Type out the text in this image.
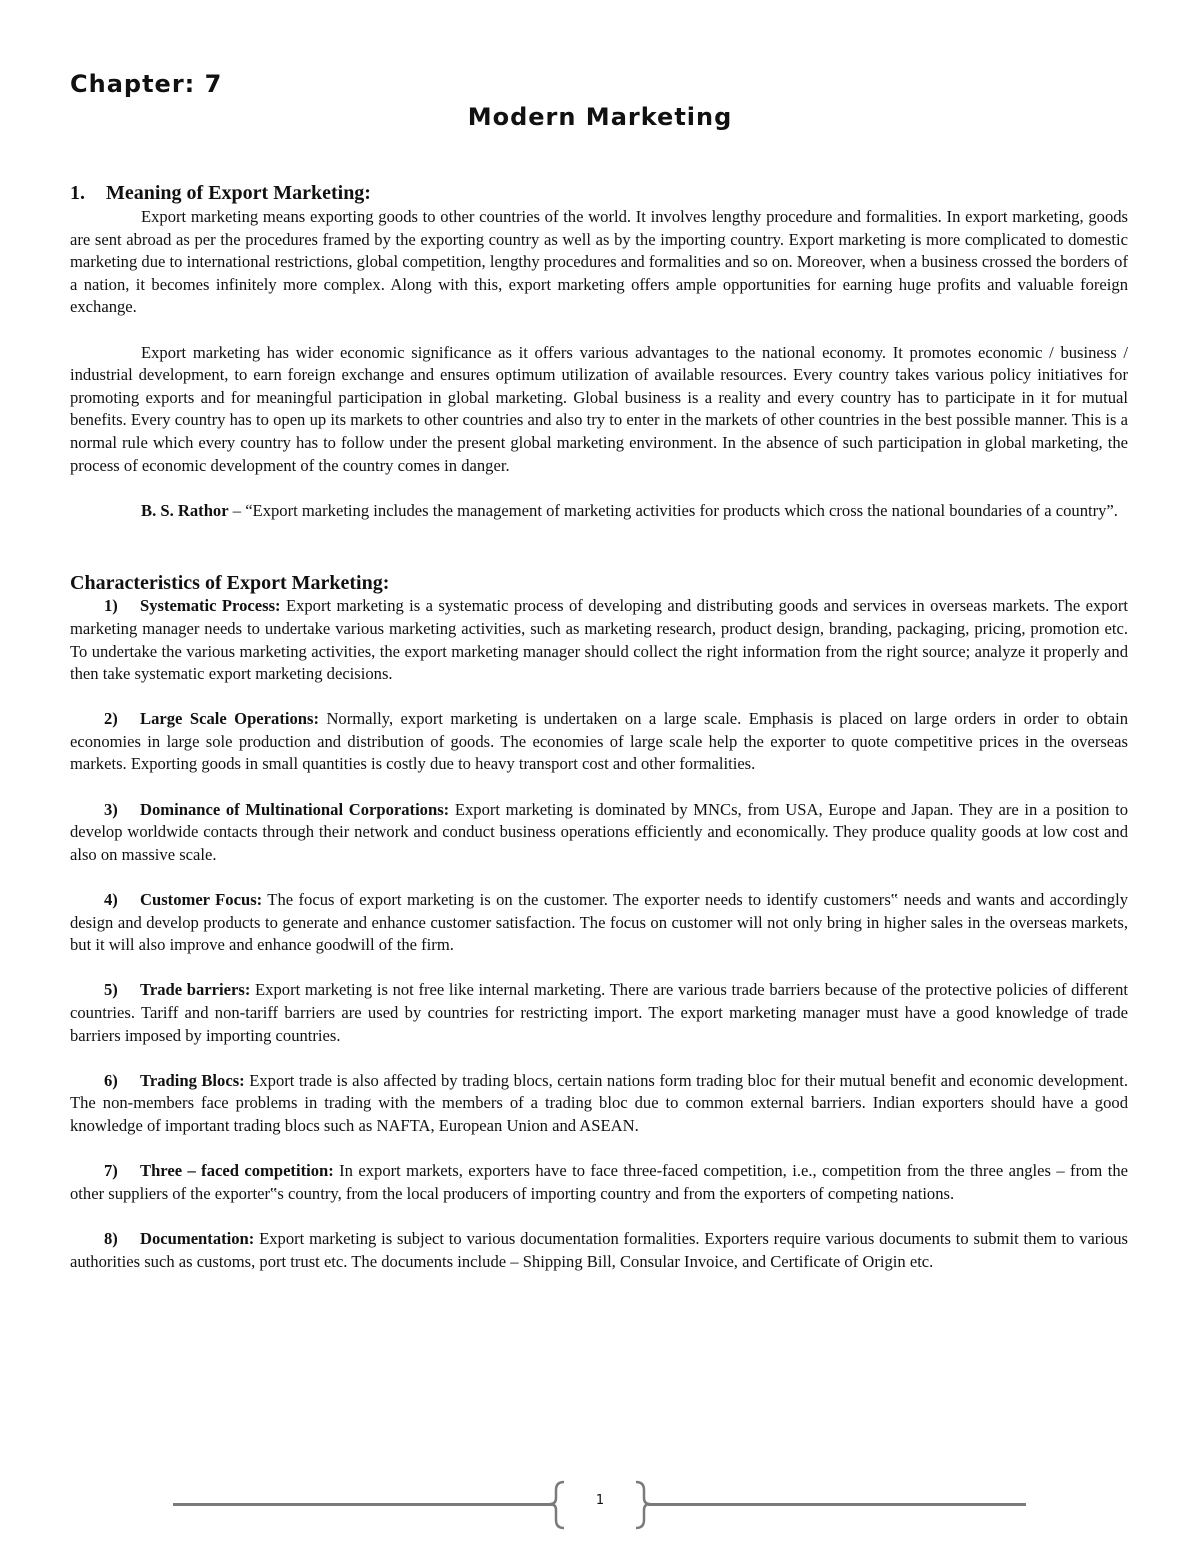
Chapter: 7
Modern Marketing

1. Meaning of Export Marketing:

Export marketing means exporting goods to other countries of the world. It involves lengthy procedure and formalities. In export marketing, goods are sent abroad as per the procedures framed by the exporting country as well as by the importing country. Export marketing is more complicated to domestic marketing due to international restrictions, global competition, lengthy procedures and formalities and so on. Moreover, when a business crossed the borders of a nation, it becomes infinitely more complex. Along with this, export marketing offers ample opportunities for earning huge profits and valuable foreign exchange.

Export marketing has wider economic significance as it offers various advantages to the national economy. It promotes economic / business / industrial development, to earn foreign exchange and ensures optimum utilization of available resources. Every country takes various policy initiatives for promoting exports and for meaningful participation in global marketing. Global business is a reality and every country has to participate in it for mutual benefits. Every country has to open up its markets to other countries and also try to enter in the markets of other countries in the best possible manner. This is a normal rule which every country has to follow under the present global marketing environment. In the absence of such participation in global marketing, the process of economic development of the country comes in danger.

B. S. Rathor – “Export marketing includes the management of marketing activities for products which cross the national boundaries of a country”.

Characteristics of Export Marketing:

1) Systematic Process: Export marketing is a systematic process of developing and distributing goods and services in overseas markets. The export marketing manager needs to undertake various marketing activities, such as marketing research, product design, branding, packaging, pricing, promotion etc. To undertake the various marketing activities, the export marketing manager should collect the right information from the right source; analyze it properly and then take systematic export marketing decisions.

2) Large Scale Operations: Normally, export marketing is undertaken on a large scale. Emphasis is placed on large orders in order to obtain economies in large sole production and distribution of goods. The economies of large scale help the exporter to quote competitive prices in the overseas markets. Exporting goods in small quantities is costly due to heavy transport cost and other formalities.

3) Dominance of Multinational Corporations: Export marketing is dominated by MNCs, from USA, Europe and Japan. They are in a position to develop worldwide contacts through their network and conduct business operations efficiently and economically. They produce quality goods at low cost and also on massive scale.

4) Customer Focus: The focus of export marketing is on the customer. The exporter needs to identify customers‟ needs and wants and accordingly design and develop products to generate and enhance customer satisfaction. The focus on customer will not only bring in higher sales in the overseas markets, but it will also improve and enhance goodwill of the firm.

5) Trade barriers: Export marketing is not free like internal marketing. There are various trade barriers because of the protective policies of different countries. Tariff and non-tariff barriers are used by countries for restricting import. The export marketing manager must have a good knowledge of trade barriers imposed by importing countries.

6) Trading Blocs: Export trade is also affected by trading blocs, certain nations form trading bloc for their mutual benefit and economic development. The non-members face problems in trading with the members of a trading bloc due to common external barriers. Indian exporters should have a good knowledge of important trading blocs such as NAFTA, European Union and ASEAN.

7) Three – faced competition: In export markets, exporters have to face three-faced competition, i.e., competition from the three angles – from the other suppliers of the exporter‟s country, from the local producers of importing country and from the exporters of competing nations.

8) Documentation: Export marketing is subject to various documentation formalities. Exporters require various documents to submit them to various authorities such as customs, port trust etc. The documents include – Shipping Bill, Consular Invoice, and Certificate of Origin etc.

1
